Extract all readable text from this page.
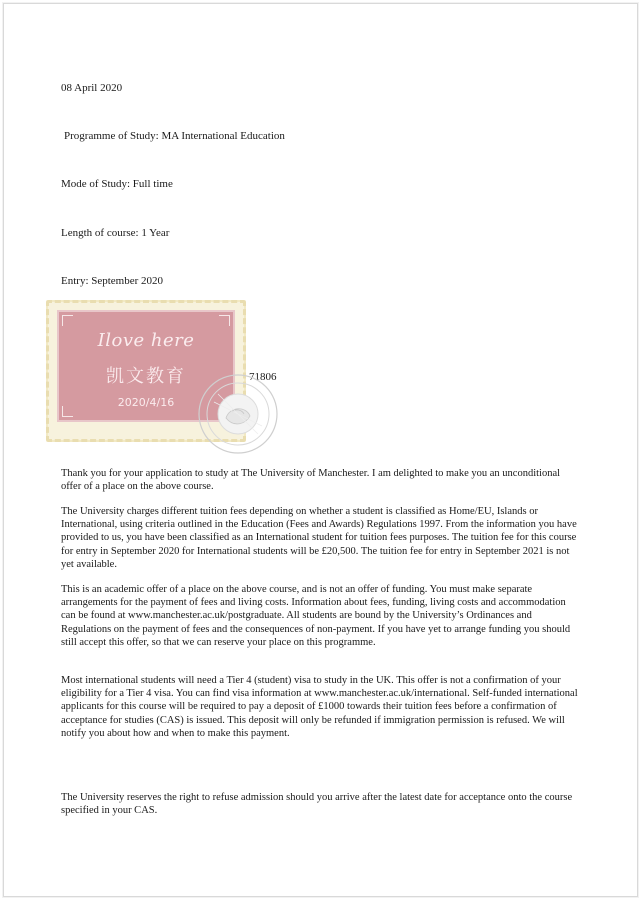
08 April 2020
Programme of Study: MA International Education
Mode of Study: Full time
Length of course: 1 Year
Entry: September 2020
71806
Ilove here
凯文教育
2020/4/16
Thank you for your application to study at The University of Manchester. I am delighted to make you an unconditional offer of a place on the above course.
The University charges different tuition fees depending on whether a student is classified as Home/EU, Islands or International, using criteria outlined in the Education (Fees and Awards) Regulations 1997. From the information you have provided to us, you have been classified as an International student for tuition fees purposes. The tuition fee for this course for entry in September 2020 for International students will be £20,500. The tuition fee for entry in September 2021 is not yet available.
This is an academic offer of a place on the above course, and is not an offer of funding. You must make separate arrangements for the payment of fees and living costs. Information about fees, funding, living costs and accommodation can be found at www.manchester.ac.uk/postgraduate. All students are bound by the University’s Ordinances and Regulations on the payment of fees and the consequences of non-payment. If you have yet to arrange funding you should still accept this offer, so that we can reserve your place on this programme.
Most international students will need a Tier 4 (student) visa to study in the UK. This offer is not a confirmation of your eligibility for a Tier 4 visa. You can find visa information at www.manchester.ac.uk/international. Self-funded international applicants for this course will be required to pay a deposit of £1000 towards their tuition fees before a confirmation of acceptance for studies (CAS) is issued. This deposit will only be refunded if immigration permission is refused. We will notify you about how and when to make this payment.
The University reserves the right to refuse admission should you arrive after the latest date for acceptance onto the course specified in your CAS.
